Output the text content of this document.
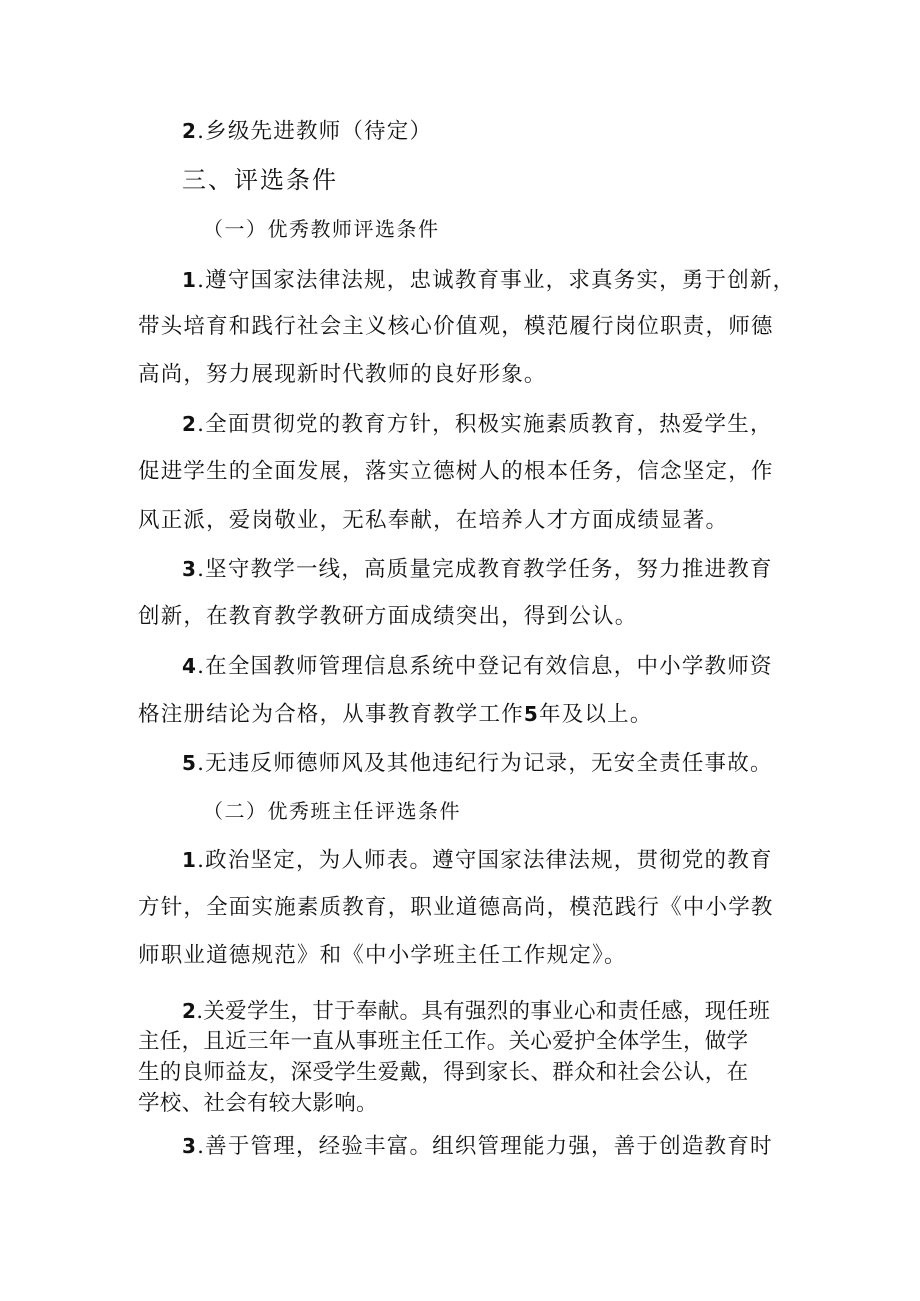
2.乡级先进教师（待定）
三、评选条件
（一）优秀教师评选条件
1.遵守国家法律法规，忠诚教育事业，求真务实，勇于创新，
带头培育和践行社会主义核心价值观，模范履行岗位职责，师德
高尚，努力展现新时代教师的良好形象。
2.全面贯彻党的教育方针，积极实施素质教育，热爱学生，
促进学生的全面发展，落实立德树人的根本任务，信念坚定，作
风正派，爱岗敬业，无私奉献，在培养人才方面成绩显著。
3.坚守教学一线，高质量完成教育教学任务，努力推进教育
创新，在教育教学教研方面成绩突出，得到公认。
4.在全国教师管理信息系统中登记有效信息，中小学教师资
格注册结论为合格，从事教育教学工作5年及以上。
5.无违反师德师风及其他违纪行为记录，无安全责任事故。
（二）优秀班主任评选条件
1.政治坚定，为人师表。遵守国家法律法规，贯彻党的教育
方针，全面实施素质教育，职业道德高尚，模范践行《中小学教
师职业道德规范》和《中小学班主任工作规定》。
2.关爱学生，甘于奉献。具有强烈的事业心和责任感，现任班
主任，且近三年一直从事班主任工作。关心爱护全体学生，做学
生的良师益友，深受学生爱戴，得到家长、群众和社会公认，在
学校、社会有较大影响。
3.善于管理，经验丰富。组织管理能力强，善于创造教育时
